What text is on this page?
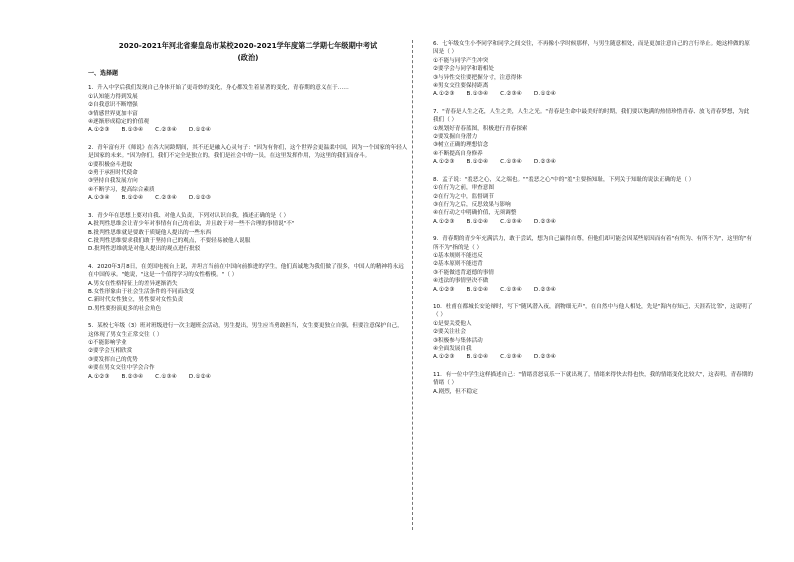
2020-2021年河北省秦皇岛市某校2020-2021学年度第二学期七年级期中考试

(政治)

一、选择题

1．升入中学后我们发现自己身体开始了更奇妙的变化，身心都发生着显著的变化，青春期的意义在于……

①认知能力得到发展

②自我意识不断增强

③情感世界更加丰富

④逐渐形成稳定的价值观

A.①②③ B.①③④ C.②③④ D.①②④

2．青年富有开《师说》在各大同龄期间，其不还是融入心灵句子："因为有你们，这个世界会更温柔中国，因为一个国家的年轻人是国家的未来。"因为你们，我们不完全是独立的，我们是社会中的一员，在这里发挥作用，为这里的我们而奋斗。

①要积极奋斗进取

②勇于承担时代使命

③坚持自我发展方向

④不断学习，提高综合素质

A.①③④ B.①②④ C.②③④ D.①②③

3．青少年在思想上要对自我、对他人负责，下列对认识自我，描述正确的是（ ）

A.批判性思维会让青少年对事情有自己的看法，并且敢于对一些不合理的事情说"不"

B.批判性思维就是要敢于质疑他人提出的一些东西

C.批判性思维要求我们敢于坚持自己的观点，不要轻易被他人说服

D.批判性思维就是对他人提出的观点进行批驳

4．2020年3月8日，在美国电视台上说，并坦言当前在中国向前推进的学生，他们真诚地为我们做了很多，中国人的精神将永远在中国传承。"她说，"这是一个值得学习的女性楷模。"（ ）

A.男女在性格特征上的差异逐渐消失

B.女性形象由于社会生活条件的不同而改变

C.新时代女性独立，男性要对女性负责

D.男性要扮演更多的社会角色

5．某校七年级（3）班对班级进行一次主题班会活动，男生提出，男生应当勇敢担当，女生要更独立自强，但要注意保护自己，这体现了男女生正常交往（ ）

①不能影响学业

②要学会互相欣赏

③要发挥自己的优势

④要在男女交往中学会合作

A.①②③ B.②③④ C.①③④ D.①②④

6．七年级女生小李同学和同学之间交往，不再像小学时候那样，与男生随意相处，而是更加注意自己的言行举止。她这样做的原因是（ ）

①不能与同学产生冲突

②要学会与同学和谐相处

③与异性交往要把握分寸，注意得体

④男女交往要保持距离

A.①②③ B.①③④ C.②③④ D.①②④

7．"青春是人生之花，人生之美，人生之光。"青春是生命中最美好的时期，我们要以饱满的热情珍惜青春、放飞青春梦想，为此我们（ ）

①规划好青春蓝图，积极进行青春探索

②要发掘自身潜力

③树立正确的理想信念

④不断提高自身修养

A.①②③ B.①②④ C.①③④ D.②③④

8．孟子说："羞恶之心，义之端也。""羞恶之心"中的"羞"主要指知耻，下列关于知耻的说法正确的是（ ）

①在行为之前，审查意图

②在行为之中，监督调节

③在行为之后，反思效果与影响

④在行动之中明确价值，无须调整

A.①②③ B.①②④ C.①③④ D.②③④

9．青春期的青少年充满活力，敢于尝试，想为自己赢得自尊，但他们却可能会因某些原因而有着"有所为、有所不为"，这里的"有所不为"指的是（ ）

①基本规则不能违反

②基本原则不能违背

③不能做违背道德的事情

④违法的事情坚决不做

A.①②③ B.①②④ C.①③④ D.②③④

10．杜甫在都城长安论辩时，写下"随风潜入夜，润物细无声"，在自然中与他人相处，先是"海内存知己，天涯若比邻"，这说明了（ ）

①是要关爱他人

②要关注社会

③积极参与集体活动

④全面发展自我

A.①②③ B.①②④ C.①③④ D.②③④

11．有一位中学生这样描述自己："情绪喜怒哀乐一下就出现了，情绪来得快去得也快，我的情绪变化比较大"，这表明，青春期的情绪（ ）

A.剧烈，但不稳定
